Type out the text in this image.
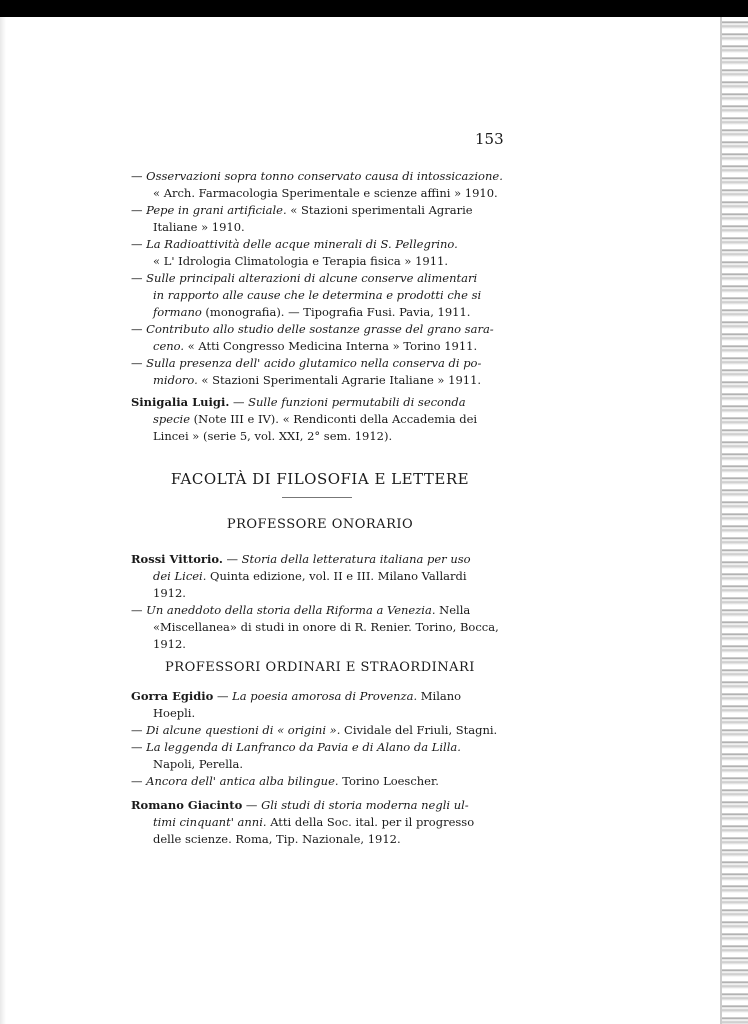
153
— Osservazioni sopra tonno conservato causa di intossicazione.
« Arch. Farmacologia Sperimentale e scienze affini » 1910.
— Pepe in grani artificiale. « Stazioni sperimentali Agrarie
Italiane » 1910.
— La Radioattività delle acque minerali di S. Pellegrino.
« L' Idrologia Climatologia e Terapia fisica » 1911.
— Sulle principali alterazioni di alcune conserve alimentari
in rapporto alle cause che le determina e prodotti che si
formano (monografia). — Tipografia Fusi. Pavia, 1911.
— Contributo allo studio delle sostanze grasse del grano sara-
ceno. « Atti Congresso Medicina Interna » Torino 1911.
— Sulla presenza dell' acido glutamico nella conserva di po-
midoro. « Stazioni Sperimentali Agrarie Italiane » 1911.
Sinigalia Luigi. — Sulle funzioni permutabili di seconda
specie (Note III e IV). « Rendiconti della Accademia dei
Lincei » (serie 5, vol. XXI, 2° sem. 1912).
FACOLTÀ DI FILOSOFIA E LETTERE
PROFESSORE ONORARIO
Rossi Vittorio. — Storia della letteratura italiana per uso
dei Licei. Quinta edizione, vol. II e III. Milano Vallardi
1912.
— Un aneddoto della storia della Riforma a Venezia. Nella
«Miscellanea» di studi in onore di R. Renier. Torino, Bocca,
1912.
PROFESSORI ORDINARI E STRAORDINARI
Gorra Egidio — La poesia amorosa di Provenza. Milano
Hoepli.
— Di alcune questioni di « origini ». Cividale del Friuli, Stagni.
— La leggenda di Lanfranco da Pavia e di Alano da Lilla.
Napoli, Perella.
— Ancora dell' antica alba bilingue. Torino Loescher.
Romano Giacinto — Gli studi di storia moderna negli ul-
timi cinquant' anni. Atti della Soc. ital. per il progresso
delle scienze. Roma, Tip. Nazionale, 1912.
